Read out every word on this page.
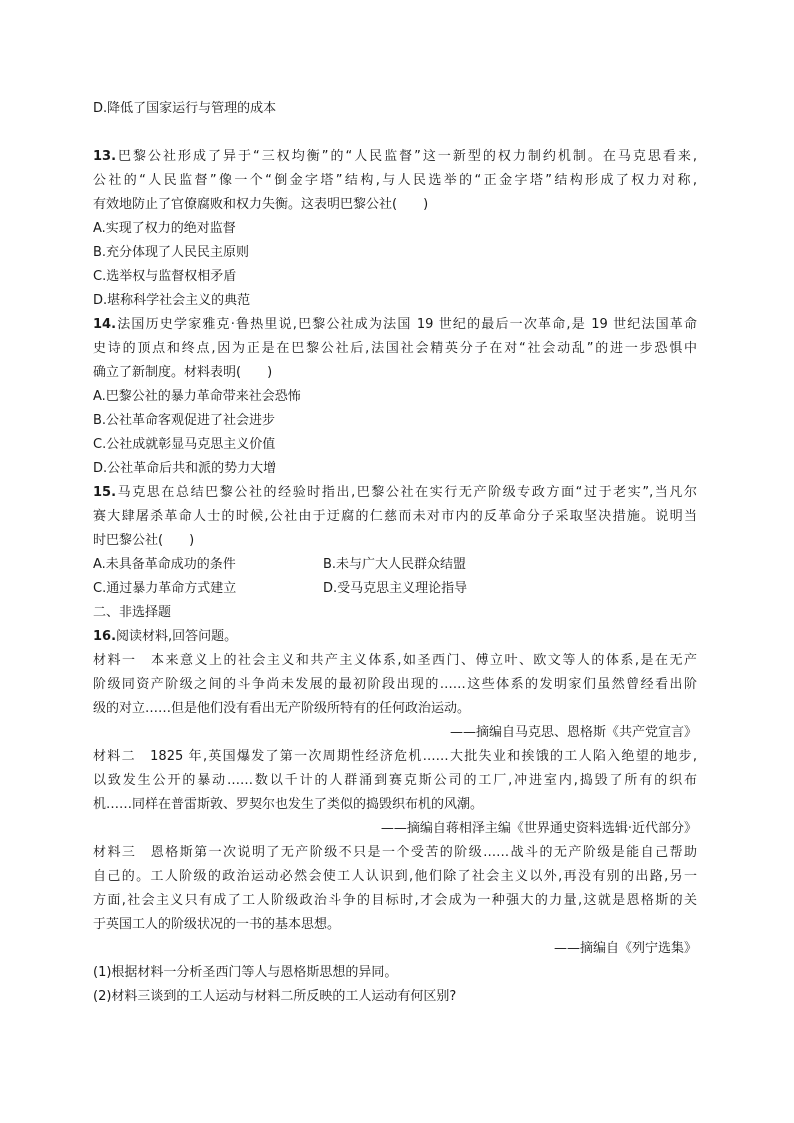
D.降低了国家运行与管理的成本
13.巴黎公社形成了异于“三权均衡”的“人民监督”这一新型的权力制约机制。在马克思看来,
公社的“人民监督”像一个“倒金字塔”结构,与人民选举的“正金字塔”结构形成了权力对称,
有效地防止了官僚腐败和权力失衡。这表明巴黎公社(　　)
A.实现了权力的绝对监督
B.充分体现了人民民主原则
C.选举权与监督权相矛盾
D.堪称科学社会主义的典范
14.法国历史学家雅克·鲁热里说,巴黎公社成为法国 19 世纪的最后一次革命,是 19 世纪法国革命
史诗的顶点和终点,因为正是在巴黎公社后,法国社会精英分子在对“社会动乱”的进一步恐惧中
确立了新制度。材料表明(　　)
A.巴黎公社的暴力革命带来社会恐怖
B.公社革命客观促进了社会进步
C.公社成就彰显马克思主义价值
D.公社革命后共和派的势力大增
15.马克思在总结巴黎公社的经验时指出,巴黎公社在实行无产阶级专政方面“过于老实”,当凡尔
赛大肆屠杀革命人士的时候,公社由于迂腐的仁慈而未对市内的反革命分子采取坚决措施。说明当
时巴黎公社(　　)
A.未具备革命成功的条件	B.未与广大人民群众结盟
C.通过暴力革命方式建立	D.受马克思主义理论指导
二、非选择题
16.阅读材料,回答问题。
材料一　本来意义上的社会主义和共产主义体系,如圣西门、傅立叶、欧文等人的体系,是在无产
阶级同资产阶级之间的斗争尚未发展的最初阶段出现的……这些体系的发明家们虽然曾经看出阶
级的对立……但是他们没有看出无产阶级所特有的任何政治运动。
——摘编自马克思、恩格斯《共产党宣言》
材料二　1825 年,英国爆发了第一次周期性经济危机……大批失业和挨饿的工人陷入绝望的地步,
以致发生公开的暴动……数以千计的人群涌到赛克斯公司的工厂,冲进室内,捣毁了所有的织布
机……同样在普雷斯敦、罗契尔也发生了类似的捣毁织布机的风潮。
——摘编自蒋相泽主编《世界通史资料选辑·近代部分》
材料三　恩格斯第一次说明了无产阶级不只是一个受苦的阶级……战斗的无产阶级是能自己帮助
自己的。工人阶级的政治运动必然会使工人认识到,他们除了社会主义以外,再没有别的出路,另一
方面,社会主义只有成了工人阶级政治斗争的目标时,才会成为一种强大的力量,这就是恩格斯的关
于英国工人的阶级状况的一书的基本思想。
——摘编自《列宁选集》
(1)根据材料一分析圣西门等人与恩格斯思想的异同。
(2)材料三谈到的工人运动与材料二所反映的工人运动有何区别?
